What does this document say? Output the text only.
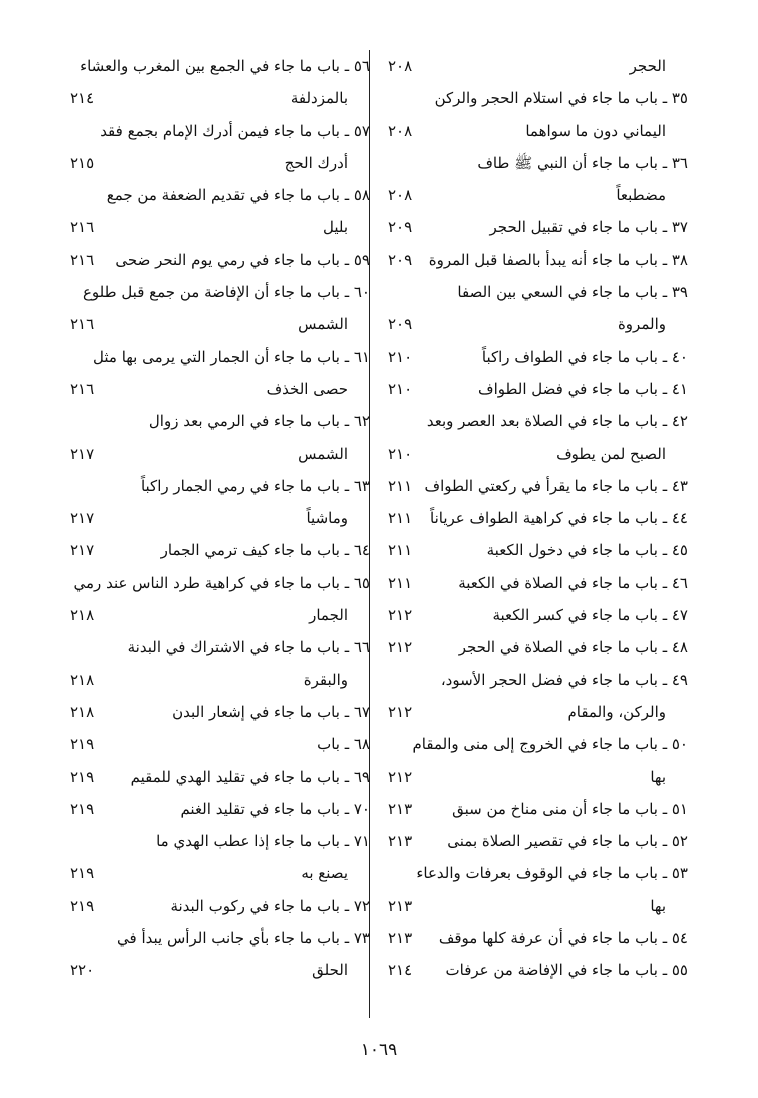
الحجر
٢٠٨
٣٥ ـ باب ما جاء في استلام الحجر والركن
اليماني دون ما سواهما
٢٠٨
٣٦ ـ باب ما جاء أن النبي ﷺ طاف
مضطبعاً
٢٠٨
٣٧ ـ باب ما جاء في تقبيل الحجر
٢٠٩
٣٨ ـ باب ما جاء أنه يبدأ بالصفا قبل المروة
٢٠٩
٣٩ ـ باب ما جاء في السعي بين الصفا
والمروة
٢٠٩
٤٠ ـ باب ما جاء في الطواف راكباً
٢١٠
٤١ ـ باب ما جاء في فضل الطواف
٢١٠
٤٢ ـ باب ما جاء في الصلاة بعد العصر وبعد
الصبح لمن يطوف
٢١٠
٤٣ ـ باب ما جاء ما يقرأ في ركعتي الطواف
٢١١
٤٤ ـ باب ما جاء في كراهية الطواف عرياناً
٢١١
٤٥ ـ باب ما جاء في دخول الكعبة
٢١١
٤٦ ـ باب ما جاء في الصلاة في الكعبة
٢١١
٤٧ ـ باب ما جاء في كسر الكعبة
٢١٢
٤٨ ـ باب ما جاء في الصلاة في الحجر
٢١٢
٤٩ ـ باب ما جاء في فضل الحجر الأسود،
والركن، والمقام
٢١٢
٥٠ ـ باب ما جاء في الخروج إلى منى والمقام
بها
٢١٢
٥١ ـ باب ما جاء أن منى مناخ من سبق
٢١٣
٥٢ ـ باب ما جاء في تقصير الصلاة بمنى
٢١٣
٥٣ ـ باب ما جاء في الوقوف بعرفات والدعاء
بها
٢١٣
٥٤ ـ باب ما جاء في أن عرفة كلها موقف
٢١٣
٥٥ ـ باب ما جاء في الإفاضة من عرفات
٢١٤
٥٦ ـ باب ما جاء في الجمع بين المغرب والعشاء
بالمزدلفة
٢١٤
٥٧ ـ باب ما جاء فيمن أدرك الإمام بجمع فقد
أدرك الحج
٢١٥
٥٨ ـ باب ما جاء في تقديم الضعفة من جمع
بليل
٢١٦
٥٩ ـ باب ما جاء في رمي يوم النحر ضحى
٢١٦
٦٠ ـ باب ما جاء أن الإفاضة من جمع قبل طلوع
الشمس
٢١٦
٦١ ـ باب ما جاء أن الجمار التي يرمى بها مثل
حصى الخذف
٢١٦
٦٢ ـ باب ما جاء في الرمي بعد زوال
الشمس
٢١٧
٦٣ ـ باب ما جاء في رمي الجمار راكباً
وماشياً
٢١٧
٦٤ ـ باب ما جاء كيف ترمي الجمار
٢١٧
٦٥ ـ باب ما جاء في كراهية طرد الناس عند رمي
الجمار
٢١٨
٦٦ ـ باب ما جاء في الاشتراك في البدنة
والبقرة
٢١٨
٦٧ ـ باب ما جاء في إشعار البدن
٢١٨
٦٨ ـ باب
٢١٩
٦٩ ـ باب ما جاء في تقليد الهدي للمقيم
٢١٩
٧٠ ـ باب ما جاء في تقليد الغنم
٢١٩
٧١ ـ باب ما جاء إذا عطب الهدي ما
يصنع به
٢١٩
٧٢ ـ باب ما جاء في ركوب البدنة
٢١٩
٧٣ ـ باب ما جاء بأي جانب الرأس يبدأ في
الحلق
٢٢٠
١٠٦٩
